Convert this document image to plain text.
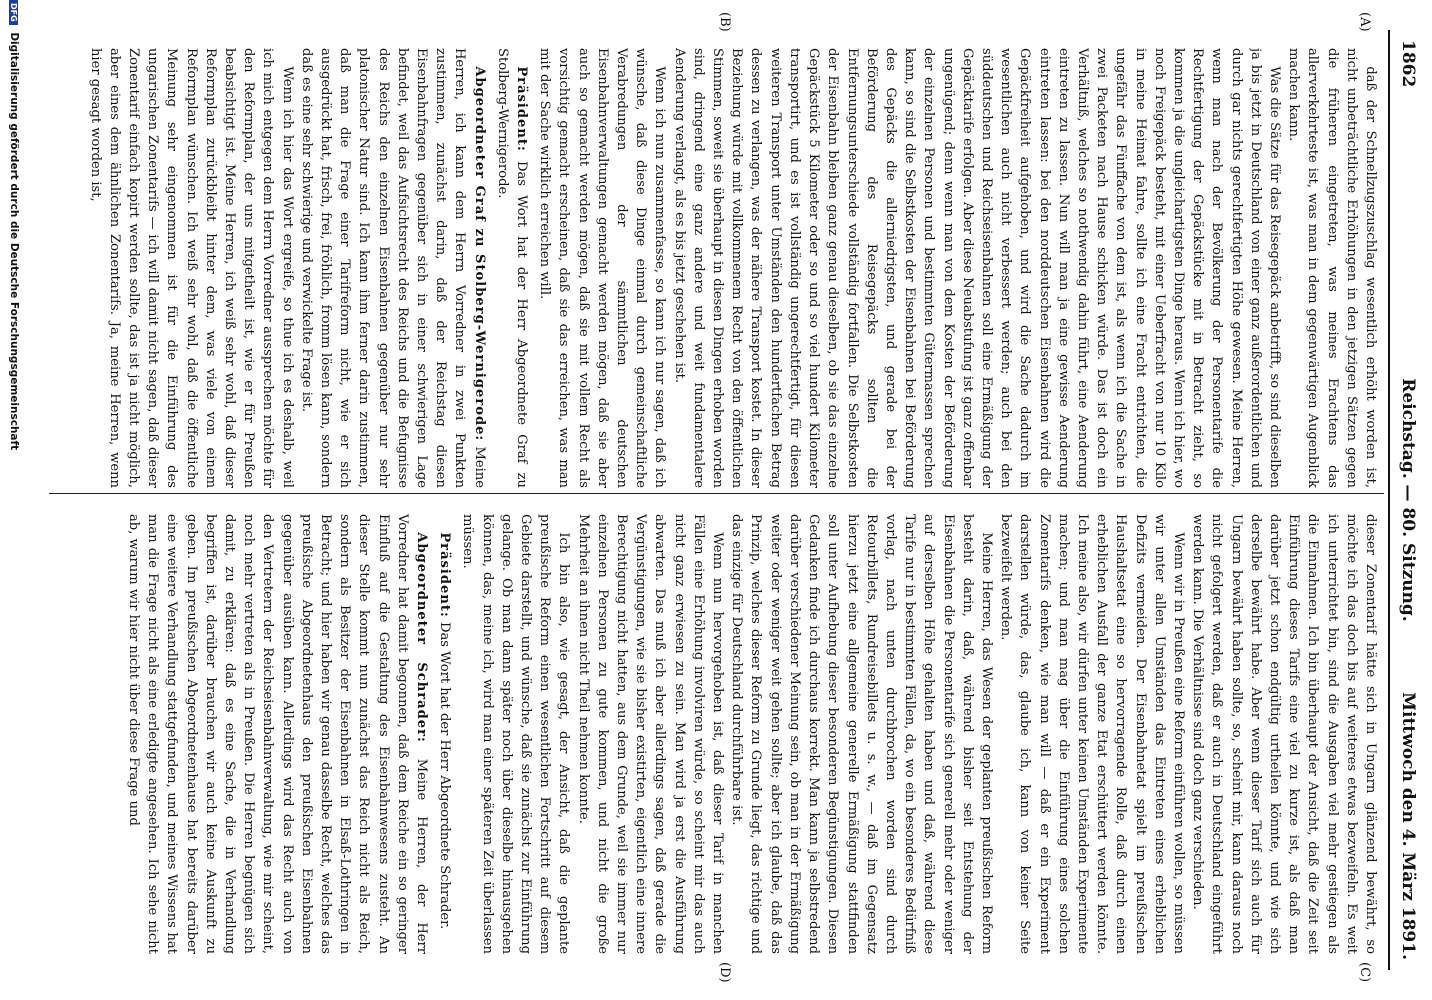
1862
Reichstag. — 80. Sitzung.
Mittwoch den 4. März 1891.
(A)
(B)
(C)
(D)

daß der Schnellzugszuschlag wesentlich erhöht worden ist, nicht unbeträchtliche Erhöhungen in den jetzigen Sätzen gegen die früheren eingetreten, was meines Erachtens das allerverkehrteste ist, was man in dem gegenwärtigen Augenblick machen kann.

Was die Sätze für das Reisegepäck anbetrifft, so sind dieselben ja bis jetzt in Deutschland von einer ganz außerordentlichen und durch gar nichts gerechtfertigten Höhe gewesen. Meine Herren, wenn man nach der Bevölkerung der Personentarife die Rechtfertigung der Gepäckstücke mit in Betracht zieht, so kommen ja die ungleichartigsten Dinge heraus. Wenn ich hier, wo noch Freigepäck besteht, mit einer Ueberfracht von nur 10 Kilo in meine Heimat fahre, sollte ich eine Fracht entrichten, die ungefähr das Fünffache von dem ist, als wenn ich die Sache in zwei Packeten nach Hause schicken würde. Das ist doch ein Verhältniß, welches so nothwendig dahin führt, eine Aenderung eintreten zu lassen. Nun will man ja eine gewisse Aenderung eintreten lassen: bei den norddeutschen Eisenbahnen wird die Gepäckfreiheit aufgehoben, und wird die Sache dadurch im wesentlichen auch nicht verbessert werden; auch bei den süddeutschen und Reichseisenbahnen soll eine Ermäßigung der Gepäcktarife erfolgen. Aber diese Neuabstufung ist ganz offenbar ungenügend; denn wenn man von dem Kosten der Beförderung der einzelnen Personen und bestimmten Gütermassen sprechen kann, so sind die Selbstkosten der Eisenbahnen bei Beförderung des Gepäcks die allerniedrigsten, und gerade bei der Beförderung des Reisegepäcks sollten die Entfernungsunterschiede vollständig fortfallen. Die Selbstkosten der Eisenbahn bleiben ganz genau dieselben, ob sie das einzelne Gepäckstück 5 Kilometer oder so und so viel hundert Kilometer transportirt, und es ist vollständig ungerechtfertigt, für diesen weiteren Transport unter Umständen den hundertfachen Betrag dessen zu verlangen, was der nähere Transport kostet. In dieser Beziehung würde mit vollkommenem Recht von den öffentlichen Stimmen, soweit sie überhaupt in diesen Dingen erhoben worden sind, dringend eine ganz andere und weit fundamentalere Aenderung verlangt, als es bis jetzt geschehen ist.

Wenn ich nun zusammenfasse, so kann ich nur sagen, daß ich wünsche, daß diese Dinge einmal durch gemeinschaftliche Verabredungen der sämmtlichen deutschen Eisenbahnverwaltungen gemacht werden mögen, daß sie aber auch so gemacht werden mögen, daß sie mit vollem Recht als vorsichtig gemacht erscheinen, daß sie das erreichen, was man mit der Sache wirklich erreichen will.

Präsident: Das Wort hat der Herr Abgeordnete Graf zu Stolberg-Wernigerode.

Abgeordneter Graf zu Stolberg-Wernigerode: Meine Herren, ich kann dem Herrn Vorredner in zwei Punkten zustimmen, zunächst darin, daß der Reichstag diesen Eisenbahnfragen gegenüber sich in einer schwierigen Lage befindet, weil das Aufsichtsrecht des Reichs und die Befugnisse des Reichs den einzelnen Eisenbahnen gegenüber nur sehr platonischer Natur sind. Ich kann ihm ferner darin zustimmen, daß man die Frage einer Tarifreform nicht, wie er sich ausgedrückt hat, frisch, frei, fröhlich, fromm lösen kann, sondern daß es eine sehr schwierige und verwickelte Frage ist.

Wenn ich hier das Wort ergreife, so thue ich es deshalb, weil ich mich entgegen dem Herrn Vorredner aussprechen möchte für den Reformplan, der uns mitgetheilt ist, wie er für Preußen beabsichtigt ist. Meine Herren, ich weiß sehr wohl, daß dieser Reformplan zurückbleibt hinter dem, was viele von einem Reformplan wünschen. Ich weiß sehr wohl, daß die öffentliche Meinung sehr eingenommen ist für die Einführung des ungarischen Zonentarifs — ich will damit nicht sagen, daß dieser Zonentarif einfach kopirt werden sollte, das ist ja nicht möglich, aber eines dem ähnlichen Zonentarifs. Ja, meine Herren, wenn hier gesagt worden ist,

dieser Zonentarif hätte sich in Ungarn glänzend bewährt, so möchte ich das doch bis auf weiteres etwas bezweifeln. Es weit ich unterrichtet bin, sind die Ausgaben viel mehr gestiegen als die Einnahmen. Ich bin überhaupt der Ansicht, daß die Zeit seit Einführung dieses Tarifs eine viel zu kurze ist, als daß man darüber jetzt schon endgültig urtheilen könnte, und wie sich derselbe bewährt habe. Aber wenn dieser Tarif sich auch für Ungarn bewährt haben sollte, so, scheint mir, kann daraus noch nicht gefolgert werden, daß er auch in Deutschland eingeführt werden kann. Die Verhältnisse sind doch ganz verschieden.

Wenn wir in Preußen eine Reform einführen wollen, so müssen wir unter allen Umständen das Eintreten eines erheblichen Defizits vermeiden. Der Eisenbahnetat spielt im preußischen Haushaltsetat eine so hervorragende Rolle, daß durch einen erheblichen Ausfall der ganze Etat erschüttert werden könnte. Ich meine also, wir dürfen unter keinen Umständen Experimente machen; und man mag über die Einführung eines solchen Zonentarifs denken, wie man will — daß er ein Experiment darstellen würde, das, glaube ich, kann von keiner Seite bezweifelt werden.

Meine Herren, das Wesen der geplanten preußischen Reform besteht darin, daß, während bisher seit Entstehung der Eisenbahnen die Personentarife sich generell mehr oder weniger auf derselben Höhe gehalten haben und daß, während diese Tarife nur in bestimmten Fällen, da, wo ein besonderes Bedürfniß vorlag, nach unten durchbrochen worden sind durch Retourbillets, Rundreisebillets u. s. w., — daß im Gegensatz hierzu jetzt eine allgemeine generelle Ermäßigung stattfinden soll unter Aufhebung dieser besonderen Begünstigungen. Diesen Gedanken finde ich durchaus korrekt. Man kann ja selbstredend darüber verschiedener Meinung sein, ob man in der Ermäßigung weiter oder weniger weit gehen sollte; aber ich glaube, daß das Prinzip, welches dieser Reform zu Grunde liegt, das richtige und das einzige für Deutschland durchführbare ist.

Wenn nun hervorgehoben ist, daß dieser Tarif in manchen Fällen eine Erhöhung involviren würde, so scheint mir das auch nicht ganz erwiesen zu sein. Man wird ja erst die Ausführung abwarten. Das muß ich aber allerdings sagen, daß gerade die Vergünstigungen, wie sie bisher existirten, eigentlich eine innere Berechtigung nicht hatten, aus dem Grunde, weil sie immer nur einzelnen Personen zu gute kommen, und nicht die große Mehrheit an ihnen nicht Theil nehmen konnte.

Ich bin also, wie gesagt, der Ansicht, daß die geplante preußische Reform einen wesentlichen Fortschritt auf diesem Gebiete darstellt, und wünsche, daß sie zunächst zur Einführung gelange. Ob man dann später noch über dieselbe hinausgehen können, das, meine ich, wird man einer späteren Zeit überlassen müssen.

Präsident: Das Wort hat der Herr Abgeordnete Schrader.

Abgeordneter Schrader: Meine Herren, der Herr Vorredner hat damit begonnen, daß dem Reiche ein so geringer Einfluß auf die Gestaltung des Eisenbahnwesens zusteht. An dieser Stelle kommt nun zunächst das Reich nicht als Reich, sondern als Besitzer der Eisenbahnen in Elsaß-Lothringen in Betracht; und hier haben wir genau dasselbe Recht, welches das preußische Abgeordnetenhaus den preußischen Eisenbahnen gegenüber ausüben kann. Allerdings wird das Recht auch von den Vertretern der Reichseisenbahnverwaltung, wie mir scheint, noch mehr vertreten als in Preußen. Die Herren begnügen sich damit, zu erklären: daß es eine Sache, die in Verhandlung begriffen ist, darüber brauchen wir auch keine Auskunft zu geben. Im preußischen Abgeordnetenhause hat bereits darüber eine weitere Verhandlung stattgefunden, und meines Wissens hat man die Frage nicht als eine erledigte angesehen. Ich sehe nicht ab, warum wir hier nicht über diese Frage und

DFG Digitalisierung gefördert durch die Deutsche Forschungsgemeinschaft
